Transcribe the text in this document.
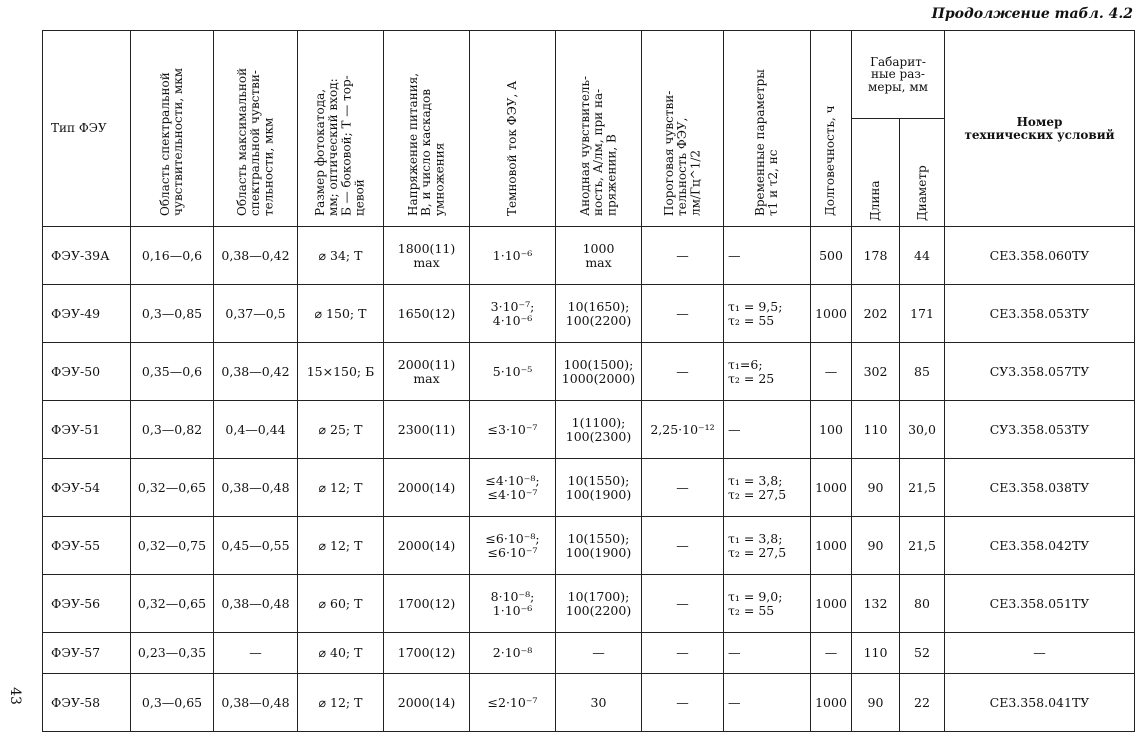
Продолжение табл. 4.2
43
Тип ФЭУ	Область спектральной
чувствительности, мкм	Область максимальной
спектральной чувстви-
тельности, мкм	Размер фотокатода,
мм; оптический вход:
Б — боковой; Т — тор-
цевой	Напряжение питания,
В, и число каскадов
умножения	Темновой ток ФЭУ, А	Анодная чувствитель-
ность, А/лм, при на-
пряжении, В	Пороговая чувстви-
тельность ФЭУ,
лм/Гц^1/2	Временные параметры
τ1 и τ2, нс	Долговечность, ч	Габарит-
ные раз-
меры, мм		Номер
технических условий
										Длина	Диаметр	
ФЭУ-39А	0,16—0,6	0,38—0,42	⌀ 34; Т	1800(11)
max	1·10⁻⁶	1000
max	—	—	500	178	44	СЕ3.358.060ТУ
ФЭУ-49	0,3—0,85	0,37—0,5	⌀ 150; Т	1650(12)	3·10⁻⁷;
4·10⁻⁶	10(1650);
100(2200)	—	τ₁ = 9,5;
τ₂ = 55	1000	202	171	СЕ3.358.053ТУ
ФЭУ-50	0,35—0,6	0,38—0,42	15×150; Б	2000(11)
max	5·10⁻⁵	100(1500);
1000(2000)	—	τ₁=6;
τ₂ = 25	—	302	85	СУ3.358.057ТУ
ФЭУ-51	0,3—0,82	0,4—0,44	⌀ 25; Т	2300(11)	≤3·10⁻⁷	1(1100);
100(2300)	2,25·10⁻¹²	—	100	110	30,0	СУ3.358.053ТУ
ФЭУ-54	0,32—0,65	0,38—0,48	⌀ 12; Т	2000(14)	≤4·10⁻⁸;
≤4·10⁻⁷	10(1550);
100(1900)	—	τ₁ = 3,8;
τ₂ = 27,5	1000	90	21,5	СЕ3.358.038ТУ
ФЭУ-55	0,32—0,75	0,45—0,55	⌀ 12; Т	2000(14)	≤6·10⁻⁸;
≤6·10⁻⁷	10(1550);
100(1900)	—	τ₁ = 3,8;
τ₂ = 27,5	1000	90	21,5	СЕ3.358.042ТУ
ФЭУ-56	0,32—0,65	0,38—0,48	⌀ 60; Т	1700(12)	8·10⁻⁸;
1·10⁻⁶	10(1700);
100(2200)	—	τ₁ = 9,0;
τ₂ = 55	1000	132	80	СЕ3.358.051ТУ
ФЭУ-57	0,23—0,35	—	⌀ 40; Т	1700(12)	2·10⁻⁸	—	—	—	—	110	52	—
ФЭУ-58	0,3—0,65	0,38—0,48	⌀ 12; Т	2000(14)	≤2·10⁻⁷	30	—	—	1000	90	22	СЕ3.358.041ТУ
